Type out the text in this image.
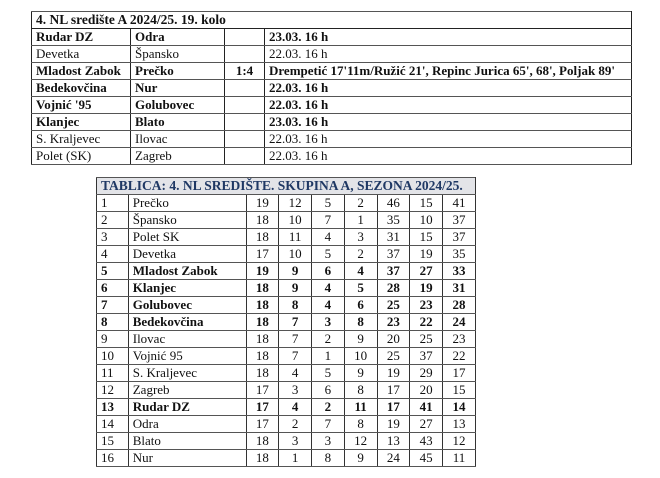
4. NL središte A 2024/25. 19. kolo			
Rudar DZ	Odra		23.03. 16 h
Devetka	Špansko		22.03. 16 h
Mladost Zabok	Prečko	1:4	Drempetić 17'11m/Ružić 21', Repinc Jurica 65', 68', Poljak 89'
Bedekovčina	Nur		22.03. 16 h
Vojnić '95	Golubovec		22.03. 16 h
Klanjec	Blato		23.03. 16 h
S. Kraljevec	Ilovac		22.03. 16 h
Polet (SK)	Zagreb		22.03. 16 h
TABLICA: 4. NL SREDIŠTE. SKUPINA A, SEZONA 2024/25.								
1	Prečko	19	12	5	2	46	15	41
2	Špansko	18	10	7	1	35	10	37
3	Polet SK	18	11	4	3	31	15	37
4	Devetka	17	10	5	2	37	19	35
5	Mladost Zabok	19	9	6	4	37	27	33
6	Klanjec	18	9	4	5	28	19	31
7	Golubovec	18	8	4	6	25	23	28
8	Bedekovčina	18	7	3	8	23	22	24
9	Ilovac	18	7	2	9	20	25	23
10	Vojnić 95	18	7	1	10	25	37	22
11	S. Kraljevec	18	4	5	9	19	29	17
12	Zagreb	17	3	6	8	17	20	15
13	Rudar DZ	17	4	2	11	17	41	14
14	Odra	17	2	7	8	19	27	13
15	Blato	18	3	3	12	13	43	12
16	Nur	18	1	8	9	24	45	11
